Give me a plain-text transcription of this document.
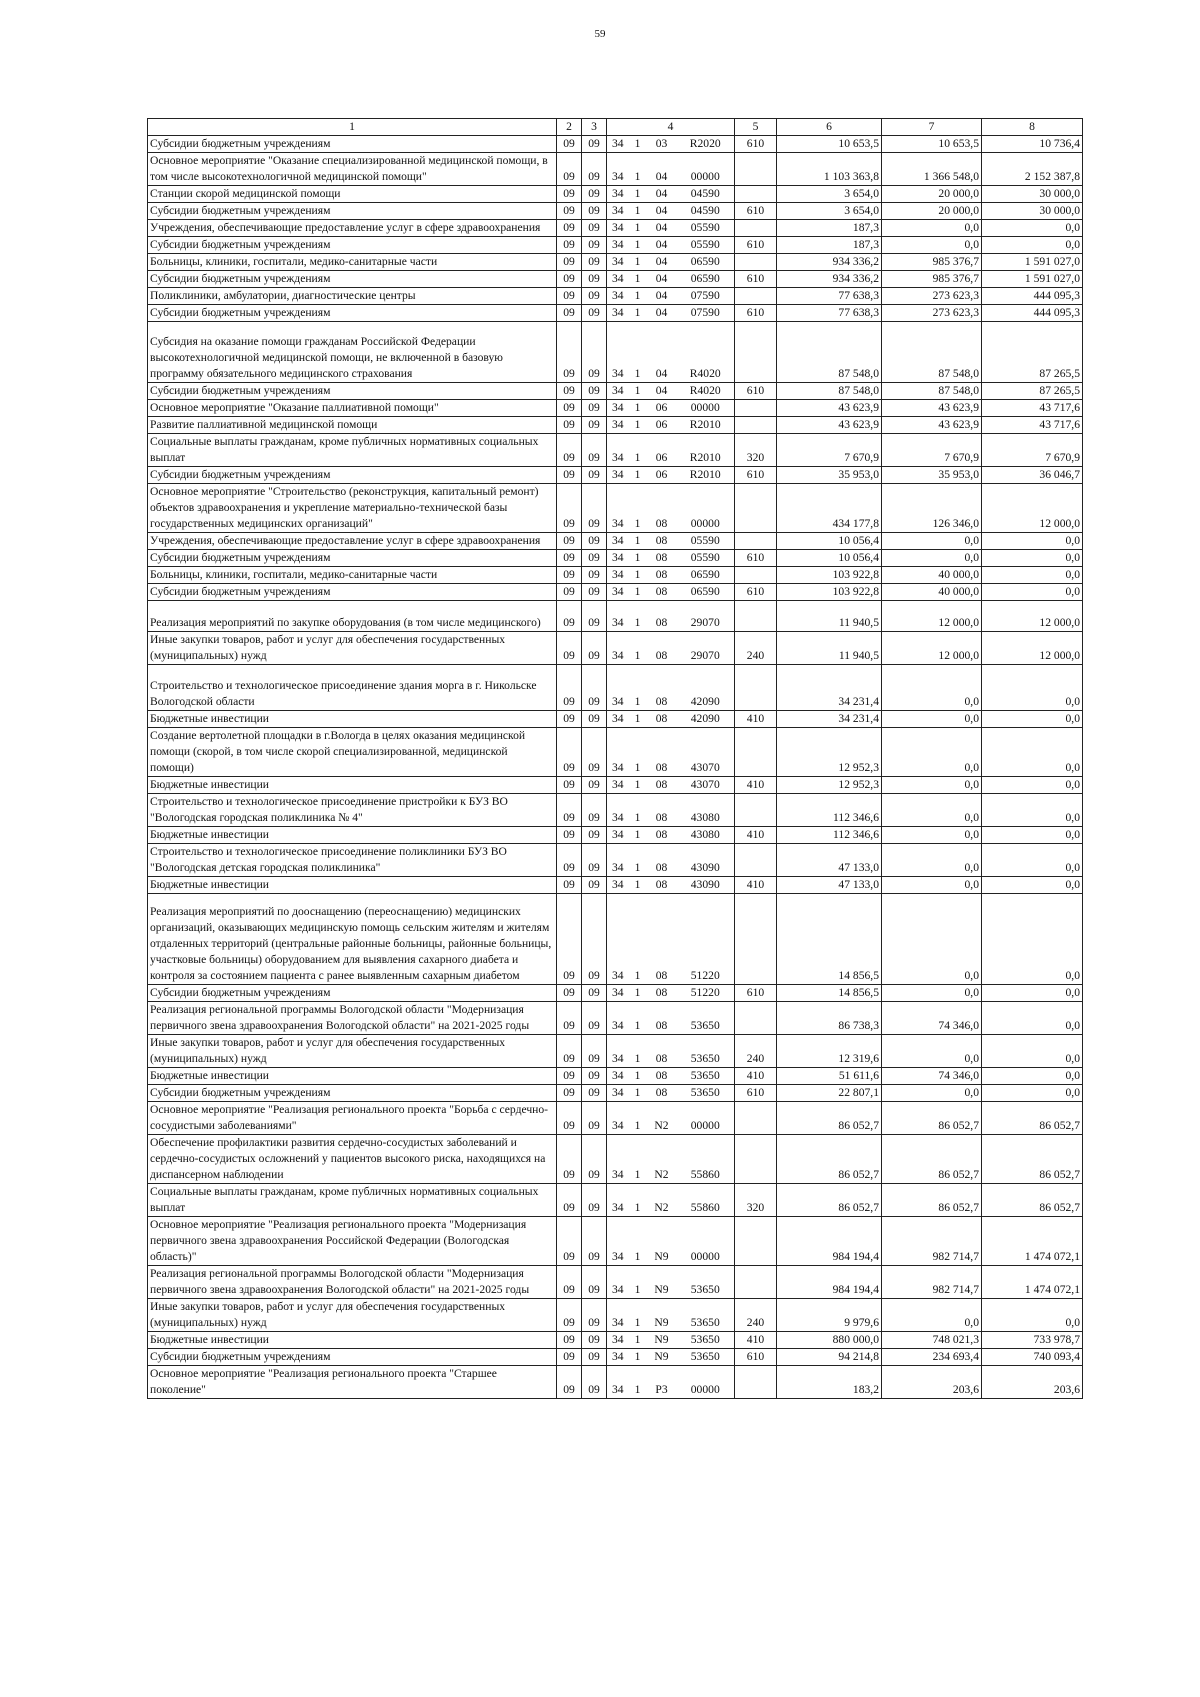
59
1	2	3	4				5	6	7	8
Субсидии бюджетным учреждениям	09	09	34	1	03	R2020	610	10 653,5	10 653,5	10 736,4
Основное мероприятие "Оказание специализированной медицинской помощи, в том числе высокотехнологичной медицинской помощи"	09	09	34	1	04	00000		1 103 363,8	1 366 548,0	2 152 387,8
Станции скорой медицинской помощи	09	09	34	1	04	04590		3 654,0	20 000,0	30 000,0
Субсидии бюджетным учреждениям	09	09	34	1	04	04590	610	3 654,0	20 000,0	30 000,0
Учреждения, обеспечивающие предоставление услуг в сфере здравоохранения	09	09	34	1	04	05590		187,3	0,0	0,0
Субсидии бюджетным учреждениям	09	09	34	1	04	05590	610	187,3	0,0	0,0
Больницы, клиники, госпитали, медико-санитарные части	09	09	34	1	04	06590		934 336,2	985 376,7	1 591 027,0
Субсидии бюджетным учреждениям	09	09	34	1	04	06590	610	934 336,2	985 376,7	1 591 027,0
Поликлиники, амбулатории, диагностические центры	09	09	34	1	04	07590		77 638,3	273 623,3	444 095,3
Субсидии бюджетным учреждениям	09	09	34	1	04	07590	610	77 638,3	273 623,3	444 095,3
Субсидия на оказание помощи гражданам Российской Федерации высокотехнологичной медицинской помощи, не включенной в базовую программу обязательного медицинского страхования	09	09	34	1	04	R4020		87 548,0	87 548,0	87 265,5
Субсидии бюджетным учреждениям	09	09	34	1	04	R4020	610	87 548,0	87 548,0	87 265,5
Основное мероприятие "Оказание паллиативной помощи"	09	09	34	1	06	00000		43 623,9	43 623,9	43 717,6
Развитие паллиативной медицинской помощи	09	09	34	1	06	R2010		43 623,9	43 623,9	43 717,6
Социальные выплаты гражданам, кроме публичных нормативных социальных выплат	09	09	34	1	06	R2010	320	7 670,9	7 670,9	7 670,9
Субсидии бюджетным учреждениям	09	09	34	1	06	R2010	610	35 953,0	35 953,0	36 046,7
Основное мероприятие "Строительство (реконструкция, капитальный ремонт) объектов здравоохранения и укрепление материально-технической базы государственных медицинских организаций"	09	09	34	1	08	00000		434 177,8	126 346,0	12 000,0
Учреждения, обеспечивающие предоставление услуг в сфере здравоохранения	09	09	34	1	08	05590		10 056,4	0,0	0,0
Субсидии бюджетным учреждениям	09	09	34	1	08	05590	610	10 056,4	0,0	0,0
Больницы, клиники, госпитали, медико-санитарные части	09	09	34	1	08	06590		103 922,8	40 000,0	0,0
Субсидии бюджетным учреждениям	09	09	34	1	08	06590	610	103 922,8	40 000,0	0,0
Реализация мероприятий по закупке оборудования (в том числе медицинского)	09	09	34	1	08	29070		11 940,5	12 000,0	12 000,0
Иные закупки товаров, работ и услуг для обеспечения государственных (муниципальных) нужд	09	09	34	1	08	29070	240	11 940,5	12 000,0	12 000,0
Строительство и технологическое присоединение здания морга в г. Никольске Вологодской области	09	09	34	1	08	42090		34 231,4	0,0	0,0
Бюджетные инвестиции	09	09	34	1	08	42090	410	34 231,4	0,0	0,0
Создание вертолетной площадки в г.Вологда в целях оказания медицинской помощи (скорой, в том числе скорой специализированной, медицинской помощи)	09	09	34	1	08	43070		12 952,3	0,0	0,0
Бюджетные инвестиции	09	09	34	1	08	43070	410	12 952,3	0,0	0,0
Строительство и технологическое присоединение пристройки к БУЗ ВО "Вологодская городская поликлиника № 4"	09	09	34	1	08	43080		112 346,6	0,0	0,0
Бюджетные инвестиции	09	09	34	1	08	43080	410	112 346,6	0,0	0,0
Строительство и технологическое присоединение поликлиники БУЗ ВО "Вологодская детская городская поликлиника"	09	09	34	1	08	43090		47 133,0	0,0	0,0
Бюджетные инвестиции	09	09	34	1	08	43090	410	47 133,0	0,0	0,0
Реализация мероприятий по дооснащению (переоснащению) медицинских организаций, оказывающих медицинскую помощь сельским жителям и жителям отдаленных территорий (центральные районные больницы, районные больницы, участковые больницы) оборудованием для выявления сахарного диабета и контроля за состоянием пациента с ранее выявленным сахарным диабетом	09	09	34	1	08	51220		14 856,5	0,0	0,0
Субсидии бюджетным учреждениям	09	09	34	1	08	51220	610	14 856,5	0,0	0,0
Реализация региональной программы Вологодской области "Модернизация первичного звена здравоохранения Вологодской области" на 2021-2025 годы	09	09	34	1	08	53650		86 738,3	74 346,0	0,0
Иные закупки товаров, работ и услуг для обеспечения государственных (муниципальных) нужд	09	09	34	1	08	53650	240	12 319,6	0,0	0,0
Бюджетные инвестиции	09	09	34	1	08	53650	410	51 611,6	74 346,0	0,0
Субсидии бюджетным учреждениям	09	09	34	1	08	53650	610	22 807,1	0,0	0,0
Основное мероприятие "Реализация регионального проекта "Борьба с сердечно-сосудистыми заболеваниями"	09	09	34	1	N2	00000		86 052,7	86 052,7	86 052,7
Обеспечение профилактики развития сердечно-сосудистых заболеваний и сердечно-сосудистых осложнений у пациентов высокого риска, находящихся на диспансерном наблюдении	09	09	34	1	N2	55860		86 052,7	86 052,7	86 052,7
Социальные выплаты гражданам, кроме публичных нормативных социальных выплат	09	09	34	1	N2	55860	320	86 052,7	86 052,7	86 052,7
Основное мероприятие "Реализация регионального проекта "Модернизация первичного звена здравоохранения Российской Федерации (Вологодская область)"	09	09	34	1	N9	00000		984 194,4	982 714,7	1 474 072,1
Реализация региональной программы Вологодской области "Модернизация первичного звена здравоохранения Вологодской области" на 2021-2025 годы	09	09	34	1	N9	53650		984 194,4	982 714,7	1 474 072,1
Иные закупки товаров, работ и услуг для обеспечения государственных (муниципальных) нужд	09	09	34	1	N9	53650	240	9 979,6	0,0	0,0
Бюджетные инвестиции	09	09	34	1	N9	53650	410	880 000,0	748 021,3	733 978,7
Субсидии бюджетным учреждениям	09	09	34	1	N9	53650	610	94 214,8	234 693,4	740 093,4
Основное мероприятие "Реализация регионального проекта "Старшее поколение"	09	09	34	1	P3	00000		183,2	203,6	203,6
